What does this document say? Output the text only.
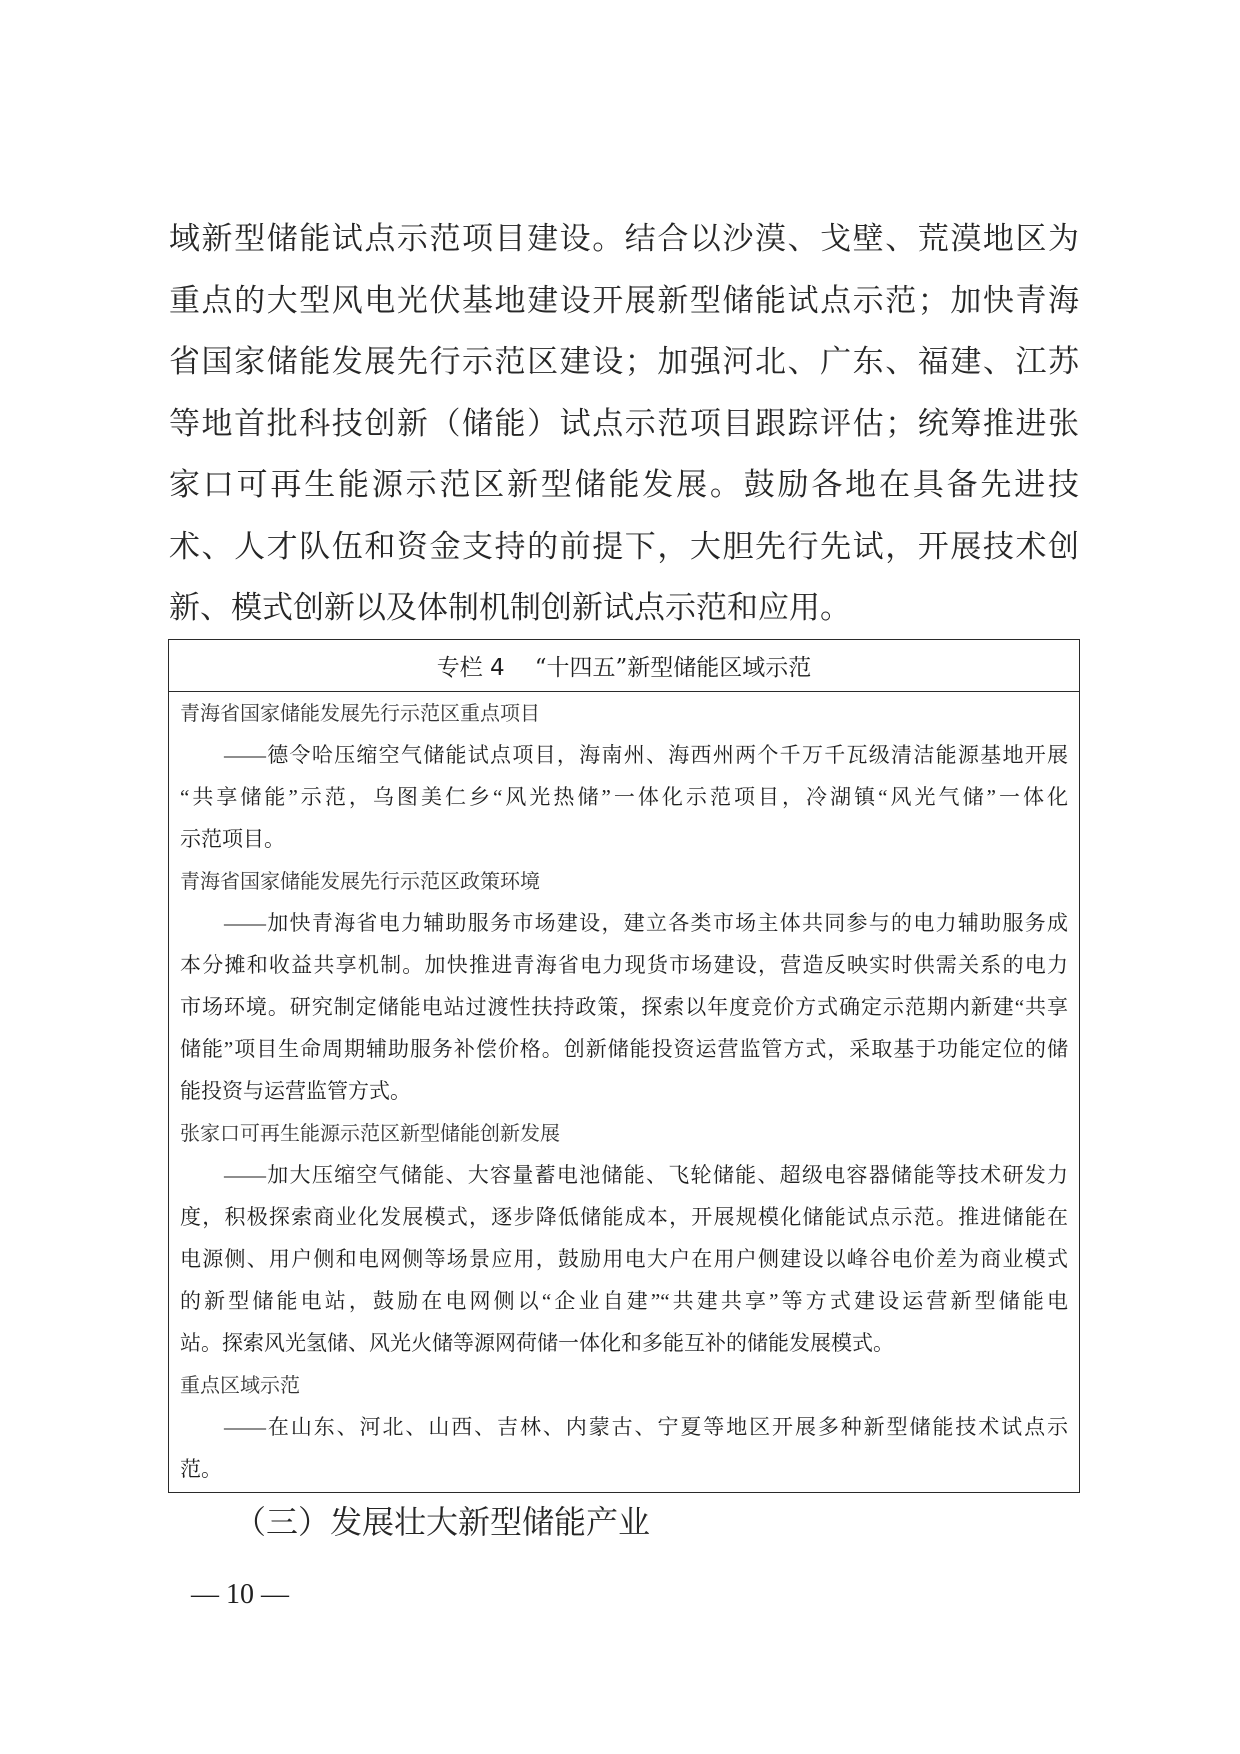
域新型储能试点示范项目建设。结合以沙漠、戈壁、荒漠地区为
重点的大型风电光伏基地建设开展新型储能试点示范；加快青海
省国家储能发展先行示范区建设；加强河北、广东、福建、江苏
等地首批科技创新（储能）试点示范项目跟踪评估；统筹推进张
家口可再生能源示范区新型储能发展。鼓励各地在具备先进技
术、人才队伍和资金支持的前提下，大胆先行先试，开展技术创
新、模式创新以及体制机制创新试点示范和应用。
专栏 4 “十四五”新型储能区域示范
青海省国家储能发展先行示范区重点项目
——德令哈压缩空气储能试点项目，海南州、海西州两个千万千瓦级清洁能源基地开展
“共享储能”示范，乌图美仁乡“风光热储”一体化示范项目，冷湖镇“风光气储”一体化
示范项目。
青海省国家储能发展先行示范区政策环境
——加快青海省电力辅助服务市场建设，建立各类市场主体共同参与的电力辅助服务成
本分摊和收益共享机制。加快推进青海省电力现货市场建设，营造反映实时供需关系的电力
市场环境。研究制定储能电站过渡性扶持政策，探索以年度竞价方式确定示范期内新建“共享
储能”项目生命周期辅助服务补偿价格。创新储能投资运营监管方式，采取基于功能定位的储
能投资与运营监管方式。
张家口可再生能源示范区新型储能创新发展
——加大压缩空气储能、大容量蓄电池储能、飞轮储能、超级电容器储能等技术研发力
度，积极探索商业化发展模式，逐步降低储能成本，开展规模化储能试点示范。推进储能在
电源侧、用户侧和电网侧等场景应用，鼓励用电大户在用户侧建设以峰谷电价差为商业模式
的新型储能电站，鼓励在电网侧以“企业自建”“共建共享”等方式建设运营新型储能电
站。探索风光氢储、风光火储等源网荷储一体化和多能互补的储能发展模式。
重点区域示范
——在山东、河北、山西、吉林、内蒙古、宁夏等地区开展多种新型储能技术试点示
范。
（三）发展壮大新型储能产业
— 10 —
